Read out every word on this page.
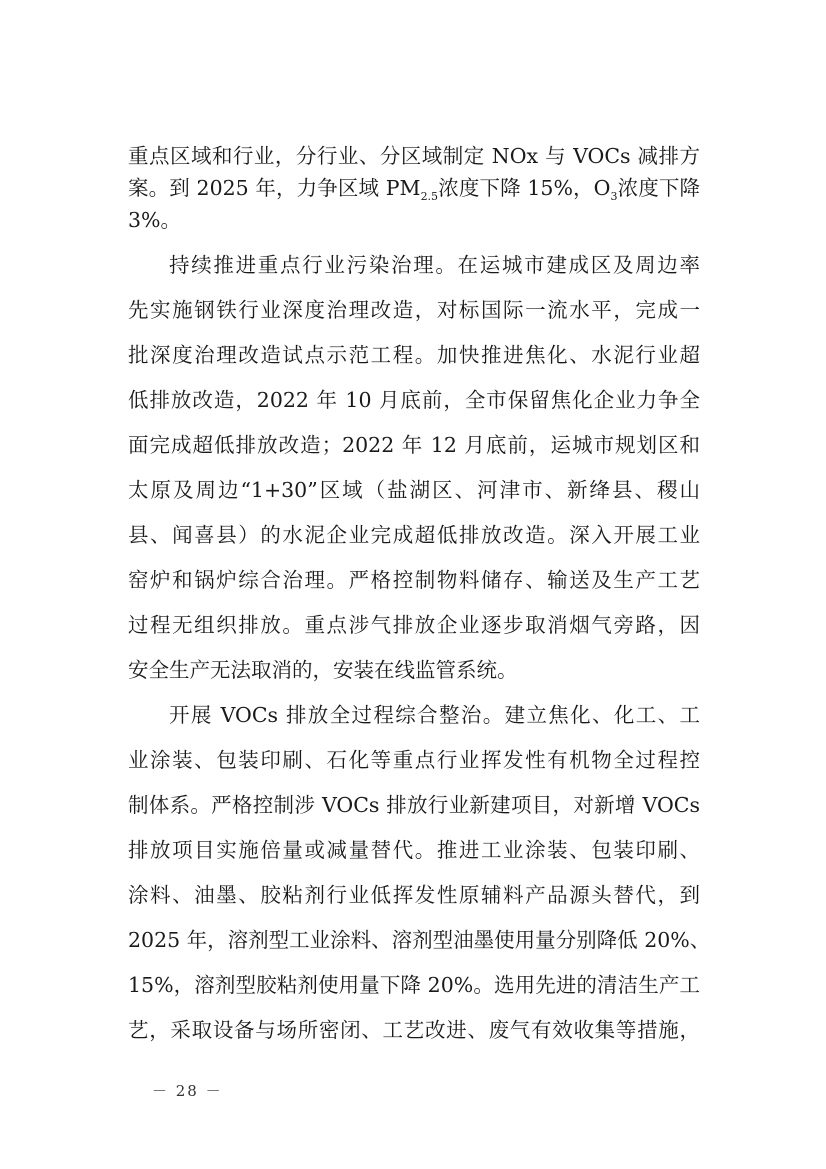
重点区域和行业，分行业、分区域制定 NOx 与 VOCs 减排方
案。到 2025 年，力争区域 $PM_{2.5}$浓度下降 15%，$O_3$浓度下降
3%。
持续推进重点行业污染治理。在运城市建成区及周边率
先实施钢铁行业深度治理改造，对标国际一流水平，完成一
批深度治理改造试点示范工程。加快推进焦化、水泥行业超
低排放改造，2022 年 10 月底前，全市保留焦化企业力争全
面完成超低排放改造；2022 年 12 月底前，运城市规划区和
太原及周边“1+30”区域（盐湖区、河津市、新绛县、稷山
县、闻喜县）的水泥企业完成超低排放改造。深入开展工业
窑炉和锅炉综合治理。严格控制物料储存、输送及生产工艺
过程无组织排放。重点涉气排放企业逐步取消烟气旁路，因
安全生产无法取消的，安装在线监管系统。
开展 VOCs 排放全过程综合整治。建立焦化、化工、工
业涂装、包装印刷、石化等重点行业挥发性有机物全过程控
制体系。严格控制涉 VOCs 排放行业新建项目，对新增 VOCs
排放项目实施倍量或减量替代。推进工业涂装、包装印刷、
涂料、油墨、胶粘剂行业低挥发性原辅料产品源头替代，到
2025 年，溶剂型工业涂料、溶剂型油墨使用量分别降低 20%、
15%，溶剂型胶粘剂使用量下降 20%。选用先进的清洁生产工
艺，采取设备与场所密闭、工艺改进、废气有效收集等措施，
－ 28 －
